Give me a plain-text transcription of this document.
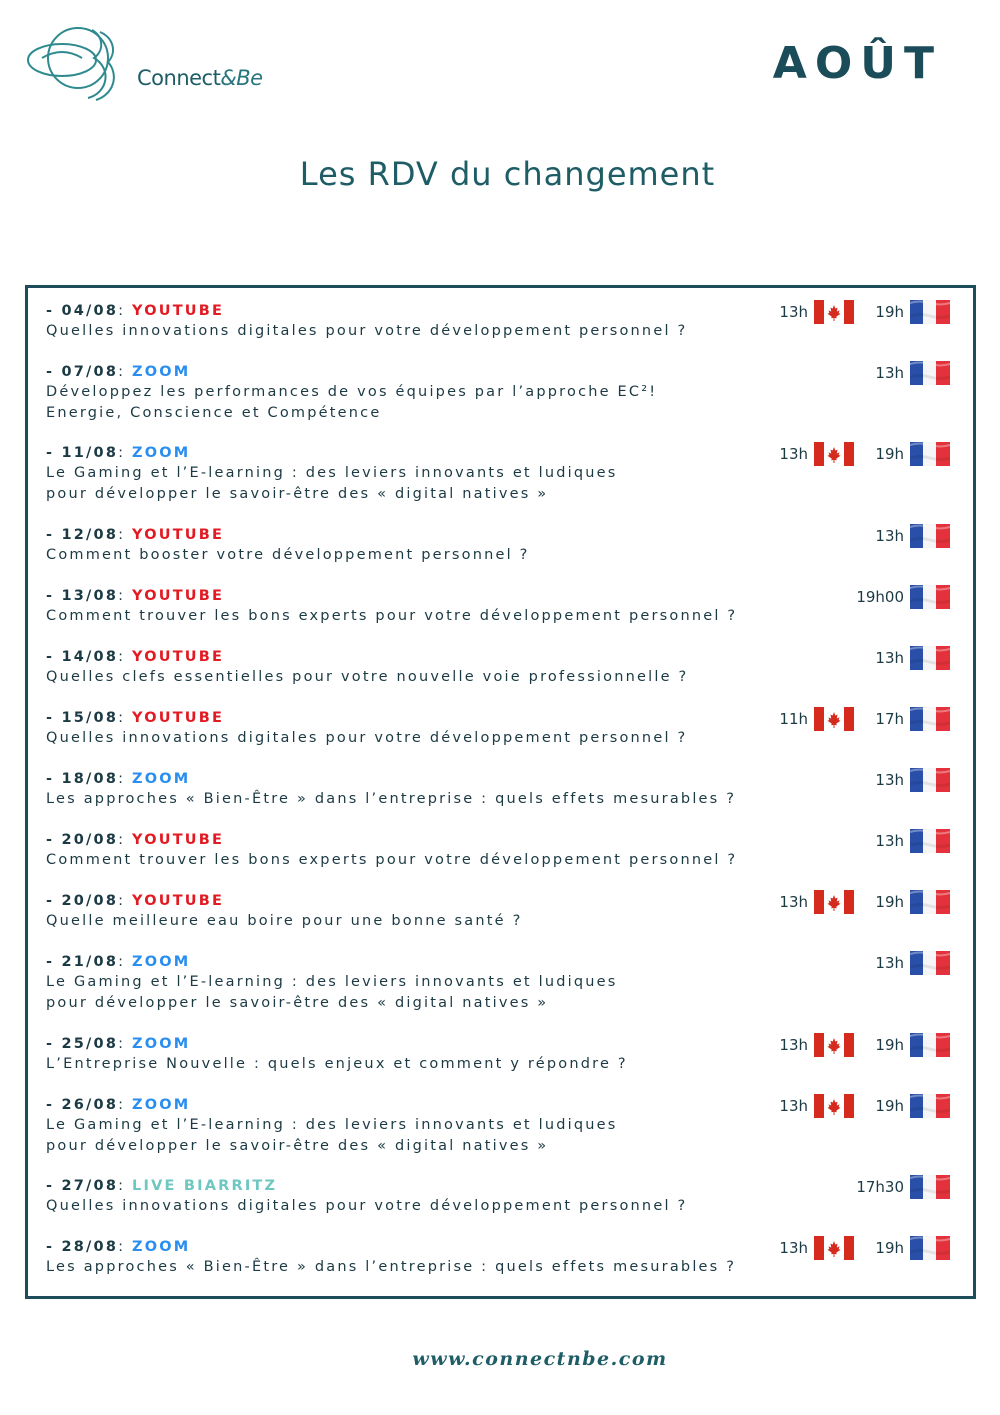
Connect&Be	AOÛT
Les RDV du changement
- 04/08: YOUTUBE
Quelles innovations digitales pour votre développement personnel ?
19h
13h
- 07/08: ZOOM
Développez les performances de vos équipes par l’approche EC²!
Energie, Conscience et Compétence
13h
- 11/08: ZOOM
Le Gaming et l’E-learning : des leviers innovants et ludiques
pour développer le savoir-être des « digital natives »
19h
13h
- 12/08: YOUTUBE
Comment booster votre développement personnel ?
13h
- 13/08: YOUTUBE
Comment trouver les bons experts pour votre développement personnel ?
19h00
- 14/08: YOUTUBE
Quelles clefs essentielles pour votre nouvelle voie professionnelle ?
13h
- 15/08: YOUTUBE
Quelles innovations digitales pour votre développement personnel ?
17h
11h
- 18/08: ZOOM
Les approches « Bien-Être » dans l’entreprise : quels effets mesurables ?
13h
- 20/08: YOUTUBE
Comment trouver les bons experts pour votre développement personnel ?
13h
- 20/08: YOUTUBE
Quelle meilleure eau boire pour une bonne santé ?
19h
13h
- 21/08: ZOOM
Le Gaming et l’E-learning : des leviers innovants et ludiques
pour développer le savoir-être des « digital natives »
13h
- 25/08: ZOOM
L’Entreprise Nouvelle : quels enjeux et comment y répondre ?
19h
13h
- 26/08: ZOOM
Le Gaming et l’E-learning : des leviers innovants et ludiques
pour développer le savoir-être des « digital natives »
19h
13h
- 27/08: LIVE BIARRITZ
Quelles innovations digitales pour votre développement personnel ?
17h30
- 28/08: ZOOM
Les approches « Bien-Être » dans l’entreprise : quels effets mesurables ?
19h
13h
www.connectnbe.com
